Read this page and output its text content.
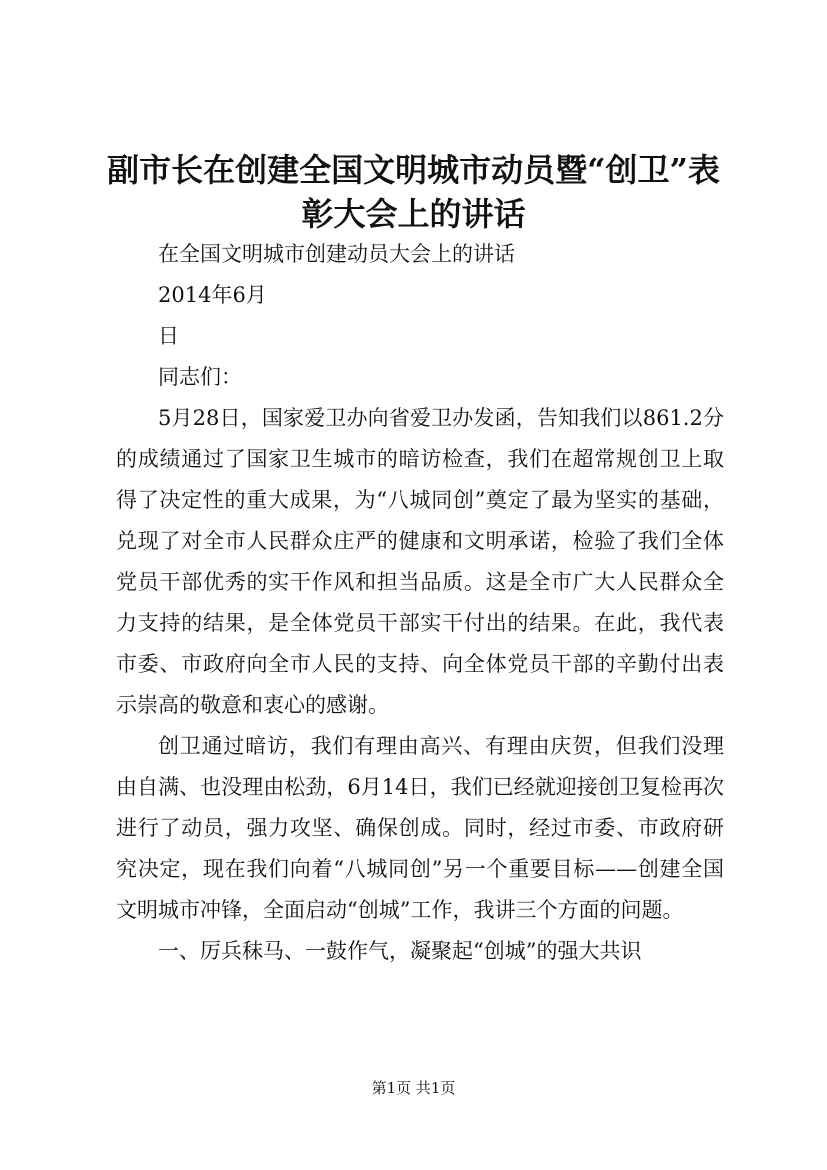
副市长在创建全国文明城市动员暨“创卫”表彰大会上的讲话

在全国文明城市创建动员大会上的讲话

2014年6月

日

同志们：

5月28日，国家爱卫办向省爱卫办发函，告知我们以861.2分的成绩通过了国家卫生城市的暗访检查，我们在超常规创卫上取得了决定性的重大成果，为“八城同创”奠定了最为坚实的基础，兑现了对全市人民群众庄严的健康和文明承诺，检验了我们全体党员干部优秀的实干作风和担当品质。这是全市广大人民群众全力支持的结果，是全体党员干部实干付出的结果。在此，我代表市委、市政府向全市人民的支持、向全体党员干部的辛勤付出表示崇高的敬意和衷心的感谢。

创卫通过暗访，我们有理由高兴、有理由庆贺，但我们没理由自满、也没理由松劲，6月14日，我们已经就迎接创卫复检再次进行了动员，强力攻坚、确保创成。同时，经过市委、市政府研究决定，现在我们向着“八城同创”另一个重要目标——创建全国文明城市冲锋，全面启动“创城”工作，我讲三个方面的问题。

一、厉兵秣马、一鼓作气，凝聚起“创城”的强大共识

第1页 共1页
